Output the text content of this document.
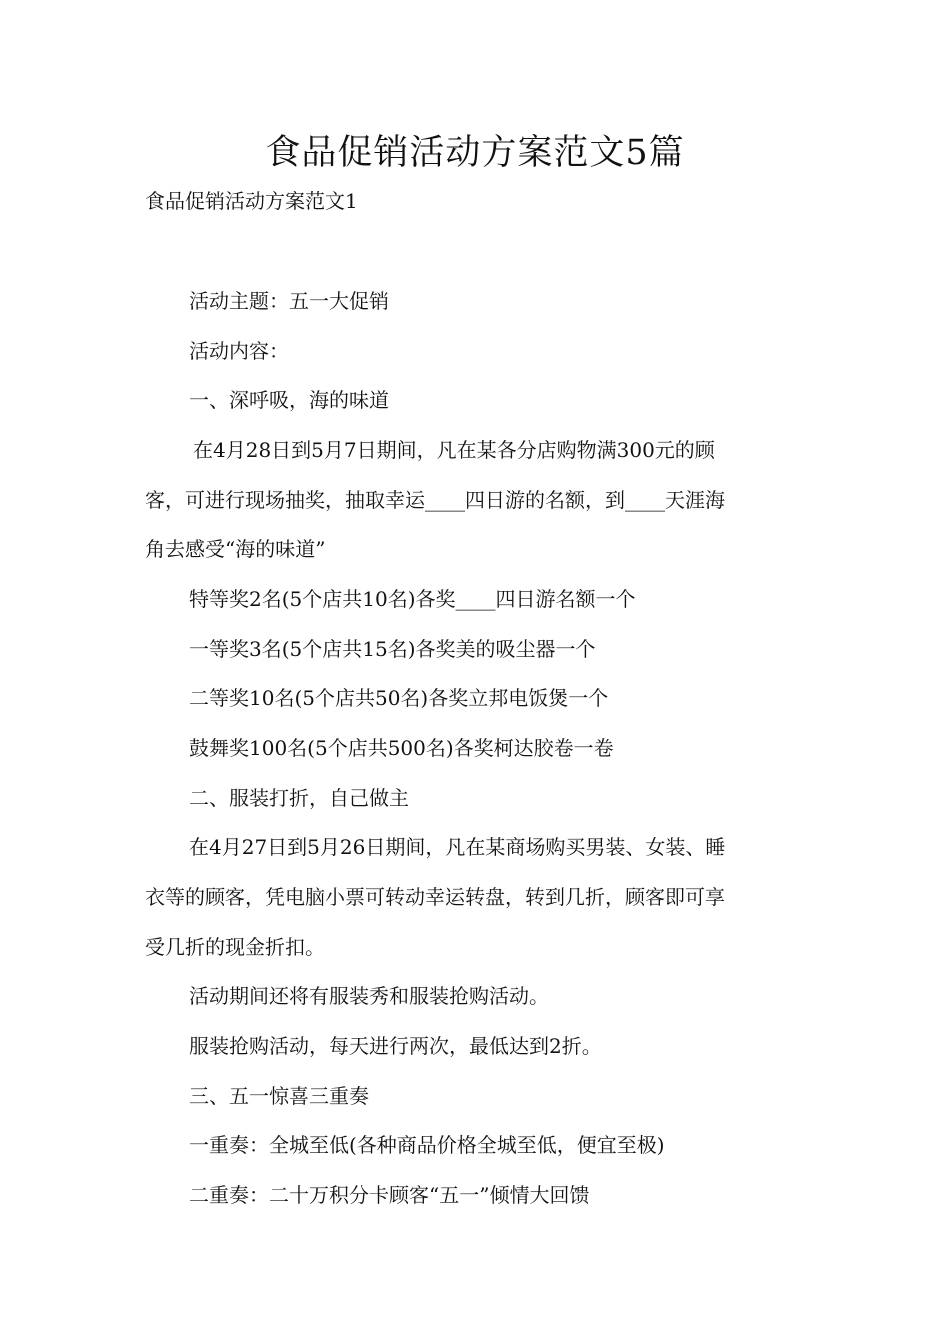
食品促销活动方案范文5篇
食品促销活动方案范文1
活动主题：五一大促销
活动内容：
一、深呼吸，海的味道
在4月28日到5月7日期间，凡在某各分店购物满300元的顾
客，可进行现场抽奖，抽取幸运____四日游的名额，到____天涯海
角去感受“海的味道”
特等奖2名(5个店共10名)各奖____四日游名额一个
一等奖3名(5个店共15名)各奖美的吸尘器一个
二等奖10名(5个店共50名)各奖立邦电饭煲一个
鼓舞奖100名(5个店共500名)各奖柯达胶卷一卷
二、服装打折，自己做主
在4月27日到5月26日期间，凡在某商场购买男装、女装、睡
衣等的顾客，凭电脑小票可转动幸运转盘，转到几折，顾客即可享
受几折的现金折扣。
活动期间还将有服装秀和服装抢购活动。
服装抢购活动，每天进行两次，最低达到2折。
三、五一惊喜三重奏
一重奏：全城至低(各种商品价格全城至低，便宜至极)
二重奏：二十万积分卡顾客“五一”倾情大回馈
